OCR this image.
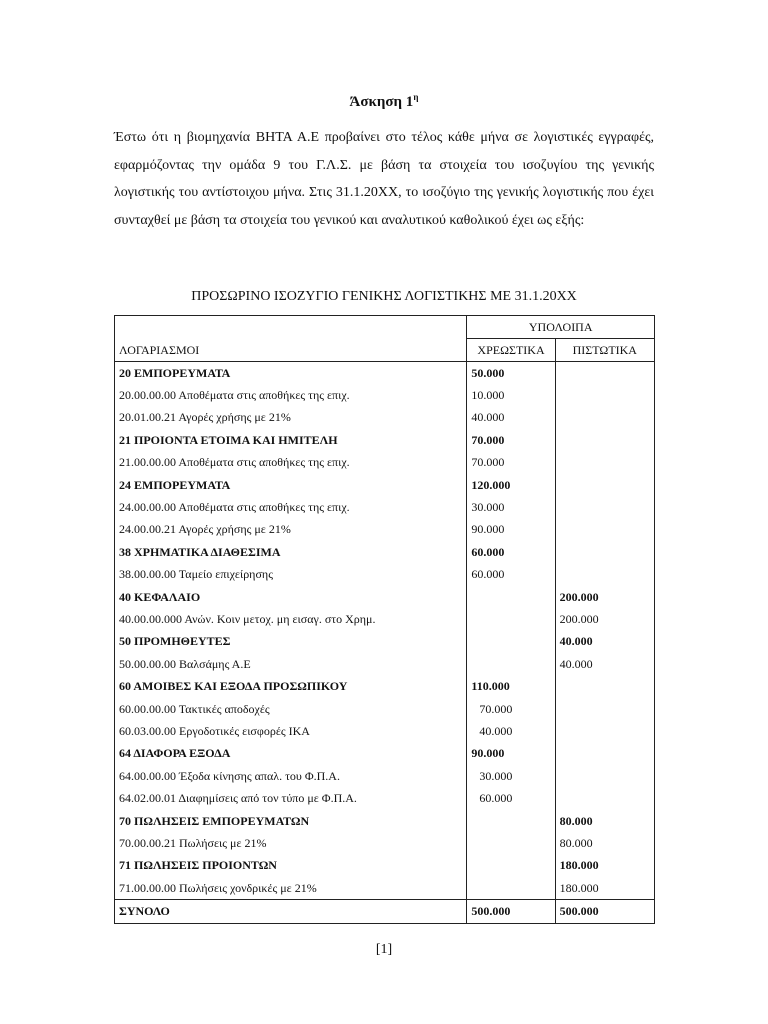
Άσκηση $1^\eta$
Έστω ότι η βιομηχανία ΒΗΤΑ Α.Ε προβαίνει στο τέλος κάθε μήνα σε λογιστικές εγγραφές, εφαρμόζοντας την ομάδα 9 του Γ.Λ.Σ. με βάση τα στοιχεία του ισοζυγίου της γενικής λογιστικής του αντίστοιχου μήνα. Στις 31.1.20ΧΧ, το ισοζύγιο της γενικής λογιστικής που έχει συνταχθεί με βάση τα στοιχεία του γενικού και αναλυτικού καθολικού έχει ως εξής:
ΠΡΟΣΩΡΙΝΟ ΙΣΟΖΥΓΙΟ ΓΕΝΙΚΗΣ ΛΟΓΙΣΤΙΚΗΣ ΜΕ 31.1.20ΧΧ
ΛΟΓΑΡΙΑΣΜΟΙ	ΥΠΟΛΟΙΠΑ	
	ΧΡΕΩΣΤΙΚΑ	ΠΙΣΤΩΤΙΚΑ
20 ΕΜΠΟΡΕΥΜΑΤΑ	50.000	
20.00.00.00 Αποθέματα στις αποθήκες της επιχ.	10.000	
20.01.00.21 Αγορές χρήσης με 21%	40.000	
21 ΠΡΟΙΟΝΤΑ ΕΤΟΙΜΑ ΚΑΙ ΗΜΙΤΕΛΗ	70.000	
21.00.00.00 Αποθέματα στις αποθήκες της επιχ.	70.000	
24 ΕΜΠΟΡΕΥΜΑΤΑ	120.000	
24.00.00.00 Αποθέματα στις αποθήκες της επιχ.	30.000	
24.00.00.21 Αγορές χρήσης με 21%	90.000	
38 ΧΡΗΜΑΤΙΚΑ ΔΙΑΘΕΣΙΜΑ	60.000	
38.00.00.00 Ταμείο επιχείρησης	60.000	
40 ΚΕΦΑΛΑΙΟ		200.000
40.00.00.000 Ανών. Κοιν μετοχ. μη εισαγ. στο Χρημ.		200.000
50 ΠΡΟΜΗΘΕΥΤΕΣ		40.000
50.00.00.00 Βαλσάμης Α.Ε		40.000
60 ΑΜΟΙΒΕΣ ΚΑΙ ΕΞΟΔΑ ΠΡΟΣΩΠΙΚΟΥ	110.000	
60.00.00.00 Τακτικές αποδοχές	70.000	
60.03.00.00 Εργοδοτικές εισφορές ΙΚΑ	40.000	
64 ΔΙΑΦΟΡΑ ΕΞΟΔΑ	90.000	
64.00.00.00 Έξοδα κίνησης απαλ. του Φ.Π.Α.	30.000	
64.02.00.01 Διαφημίσεις από τον τύπο με Φ.Π.Α.	60.000	
70 ΠΩΛΗΣΕΙΣ ΕΜΠΟΡΕΥΜΑΤΩΝ		80.000
70.00.00.21 Πωλήσεις με 21%		80.000
71 ΠΩΛΗΣΕΙΣ ΠΡΟΙΟΝΤΩΝ		180.000
71.00.00.00 Πωλήσεις χονδρικές με 21%		180.000
ΣΥΝΟΛΟ	500.000	500.000
[1]
